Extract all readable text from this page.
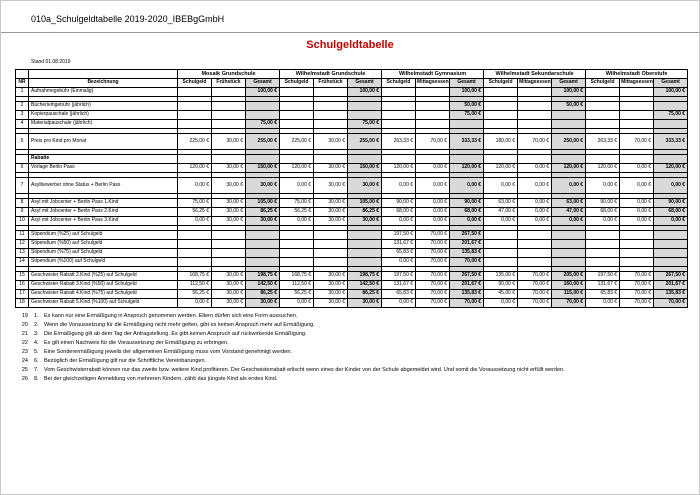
010a_Schulgeldtabelle 2019-2020_IBEBgGmbH
Schulgeldtabelle
Stand 01.08.2019
		Mosaik Grundschule			Wilhelmstadt Grundschule			Wilhelmstadt Gymnasium			Wilhelmstadt Sekundarschule			Wilhelmstadt Oberstufe		
NR	Bezeichnung	Schulgeld	Frühstück	Gesamt	Schulgeld	Frühstück	Gesamt	Schulgeld	Mittagsessen	Gesamt	Schulgeld	Mittagsessen	Gesamt	Schulgeld	Mittagsessen	Gesamt
1	Aufnahmegebühr (Einmalig)			100,00 €			100,00 €			100,00 €			100,00 €			100,00 €

2	Bücherleihgebühr (jährlich)									50,00 €			50,00 €			
3	Kopierpauschale (jährlich)									75,00 €						75,00 €
4	Materialpauschale (jährlich)			75,00 €			75,00 €									

5	Preis pro Kind pro Monat	225,00 €	30,00 €	255,00 €	225,00 €	30,00 €	255,00 €	263,33 €	70,00 €	333,33 €	180,00 €	70,00 €	250,00 €	263,33 €	70,00 €	333,33 €

	Rabatte															
6	Vorlage Berlin Pass	120,00 €	30,00 €	150,00 €	120,00 €	30,00 €	150,00 €	120,00 €	0,00 €	120,00 €	120,00 €	0,00 €	120,00 €	120,00 €	0,00 €	120,00 €

7	Asylbewerber ohne Status + Berlin Pass	0,00 €	30,00 €	30,00 €	0,00 €	30,00 €	30,00 €	0,00 €	0,00 €	0,00 €	0,00 €	0,00 €	0,00 €	0,00 €	0,00 €	0,00 €

8	Asyl mit Jobcenter + Berlin Pass 1.Kind	75,00 €	30,00 €	105,00 €	75,00 €	30,00 €	105,00 €	90,00 €	0,00 €	90,00 €	63,00 €	0,00 €	63,00 €	90,00 €	0,00 €	90,00 €
9	Asyl mit Jobcenter + Berlin Pass 2.Kind	56,25 €	30,00 €	86,25 €	56,25 €	30,00 €	86,25 €	68,00 €	0,00 €	68,00 €	47,00 €	0,00 €	47,00 €	68,00 €	0,00 €	68,00 €
10	Asyl mit Jobcenter + Berlin Pass 3.Kind	0,00 €	30,00 €	30,00 €	0,00 €	30,00 €	30,00 €	0,00 €	0,00 €	0,00 €	0,00 €	0,00 €	0,00 €	0,00 €	0,00 €	0,00 €

11	Stipendium (%25) auf Schulgeld							197,50 €	70,00 €	267,50 €						
12	Stipendium (%50) auf Schulgeld							131,67 €	70,00 €	201,67 €						
13	Stipendium (%75) auf Schulgeld							65,83 €	70,00 €	135,83 €						
14	Stipendium (%100) auf Schulgeld							0,00 €	70,00 €	70,00 €						

15	Geschwister Rabatt 2.Kind (%25) auf Schulgeld	168,75 €	30,00 €	198,75 €	168,75 €	30,00 €	198,75 €	197,50 €	70,00 €	267,50 €	135,00 €	70,00 €	205,00 €	197,50 €	70,00 €	267,50 €
16	Geschwister Rabatt 3.Kind (%50) auf Schulgeld	112,50 €	30,00 €	142,50 €	112,50 €	30,00 €	142,50 €	131,67 €	70,00 €	201,67 €	90,00 €	70,00 €	160,00 €	131,67 €	70,00 €	201,67 €
17	Geschwister Rabatt 4.Kind (%75) auf Schulgeld	56,25 €	30,00 €	86,25 €	56,25 €	30,00 €	86,25 €	65,83 €	70,00 €	135,83 €	45,00 €	70,00 €	115,00 €	65,83 €	70,00 €	135,83 €
18	Geschwister Rabatt 5.Kind (%100) auf Schulgeld	0,00 €	30,00 €	30,00 €	0,00 €	30,00 €	30,00 €	0,00 €	70,00 €	70,00 €	0,00 €	70,00 €	70,00 €	0,00 €	70,00 €	70,00 €
19 1. Es kann nur eine Ermäßigung in Anspruch genommen werden. Eltern dürfen sich eine Form aussuchen.
20 2. Wenn die Voraussetzung für die Ermäßigung nicht mehr gelten, gibt es keinen Anspruch mehr auf Ermäßigung.
21 3. Die Ermäßigung gilt ab dem Tag der Antragstellung. Es gibt keinen Anspruch auf rückwirkende Ermäßigung.
22 4. Es gilt einen Nachweis für die Voraussetzung der Ermäßigung zu erbringen.
23 5. Eine Sonderermäßigung jeweils der allgemeinen Ermäßigung muss vom Vorstand genehmigt werden.
24 6. Bezüglich der Ermäßigung gilt nur die Schriftliche Vereinbarungen.
25 7. Vom Geschwisterrabatt können nur das zweite bzw. weitere Kind profitieren. Der Geschwisterrabatt erlischt wenn eines der Kinder von der Schule abgemeldet wird. Und somit die Voraussetzung nicht erfüllt werden.
26 8. Bei der gleichzeitigen Anmeldung von mehreren Kindern, zählt das jüngste Kind als erstes Kind.
